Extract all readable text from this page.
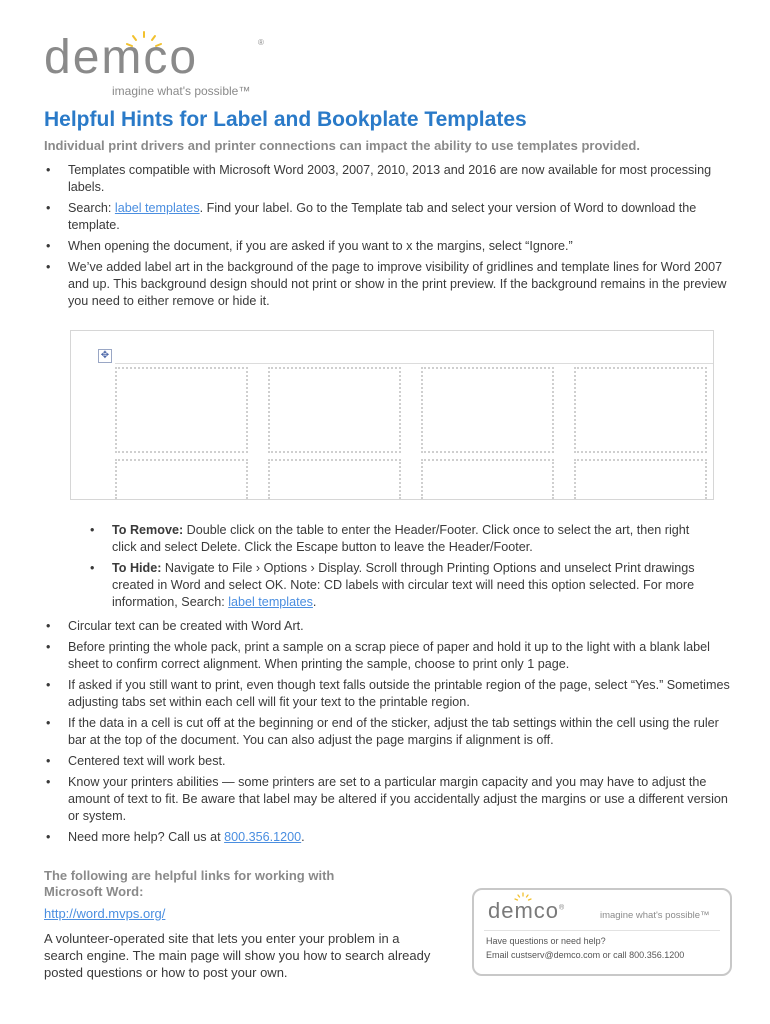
demco	®
imagine what's possible™
Helpful Hints for Label and Bookplate Templates

Individual print drivers and printer connections can impact the ability to use templates provided.

• Templates compatible with Microsoft Word 2003, 2007, 2010, 2013 and 2016 are now available for most processing labels.
• Search: label templates. Find your label. Go to the Template tab and select your version of Word to download the template.
• When opening the document, if you are asked if you want to x the margins, select “Ignore.”
• We’ve added label art in the background of the page to improve visibility of gridlines and template lines for Word 2007 and up. This background design should not print or show in the print preview. If the background remains in the preview you need to either remove or hide it.
✥
• To Remove: Double click on the table to enter the Header/Footer. Click once to select the art, then right click and select Delete. Click the Escape button to leave the Header/Footer.
• To Hide: Navigate to File › Options › Display. Scroll through Printing Options and unselect Print drawings created in Word and select OK. Note: CD labels with circular text will need this option selected. For more information, Search: label templates.
• Circular text can be created with Word Art.
• Before printing the whole pack, print a sample on a scrap piece of paper and hold it up to the light with a blank label sheet to confirm correct alignment. When printing the sample, choose to print only 1 page.
• If asked if you still want to print, even though text falls outside the printable region of the page, select “Yes.” Sometimes adjusting tabs set within each cell will fit your text to the printable region.
• If the data in a cell is cut off at the beginning or end of the sticker, adjust the tab settings within the cell using the ruler bar at the top of the document. You can also adjust the page margins if alignment is off.
• Centered text will work best.
• Know your printers abilities — some printers are set to a particular margin capacity and you may have to adjust the amount of text to fit. Be aware that label may be altered if you accidentally adjust the margins or use a different version or system.
• Need more help? Call us at 800.356.1200.
The following are helpful links for working with Microsoft Word:
http://word.mvps.org/
A volunteer-operated site that lets you enter your problem in a search engine. The main page will show you how to search already posted questions or how to post your own.
demco®
imagine what's possible™
Have questions or need help?
Email custserv@demco.com or call 800.356.1200
